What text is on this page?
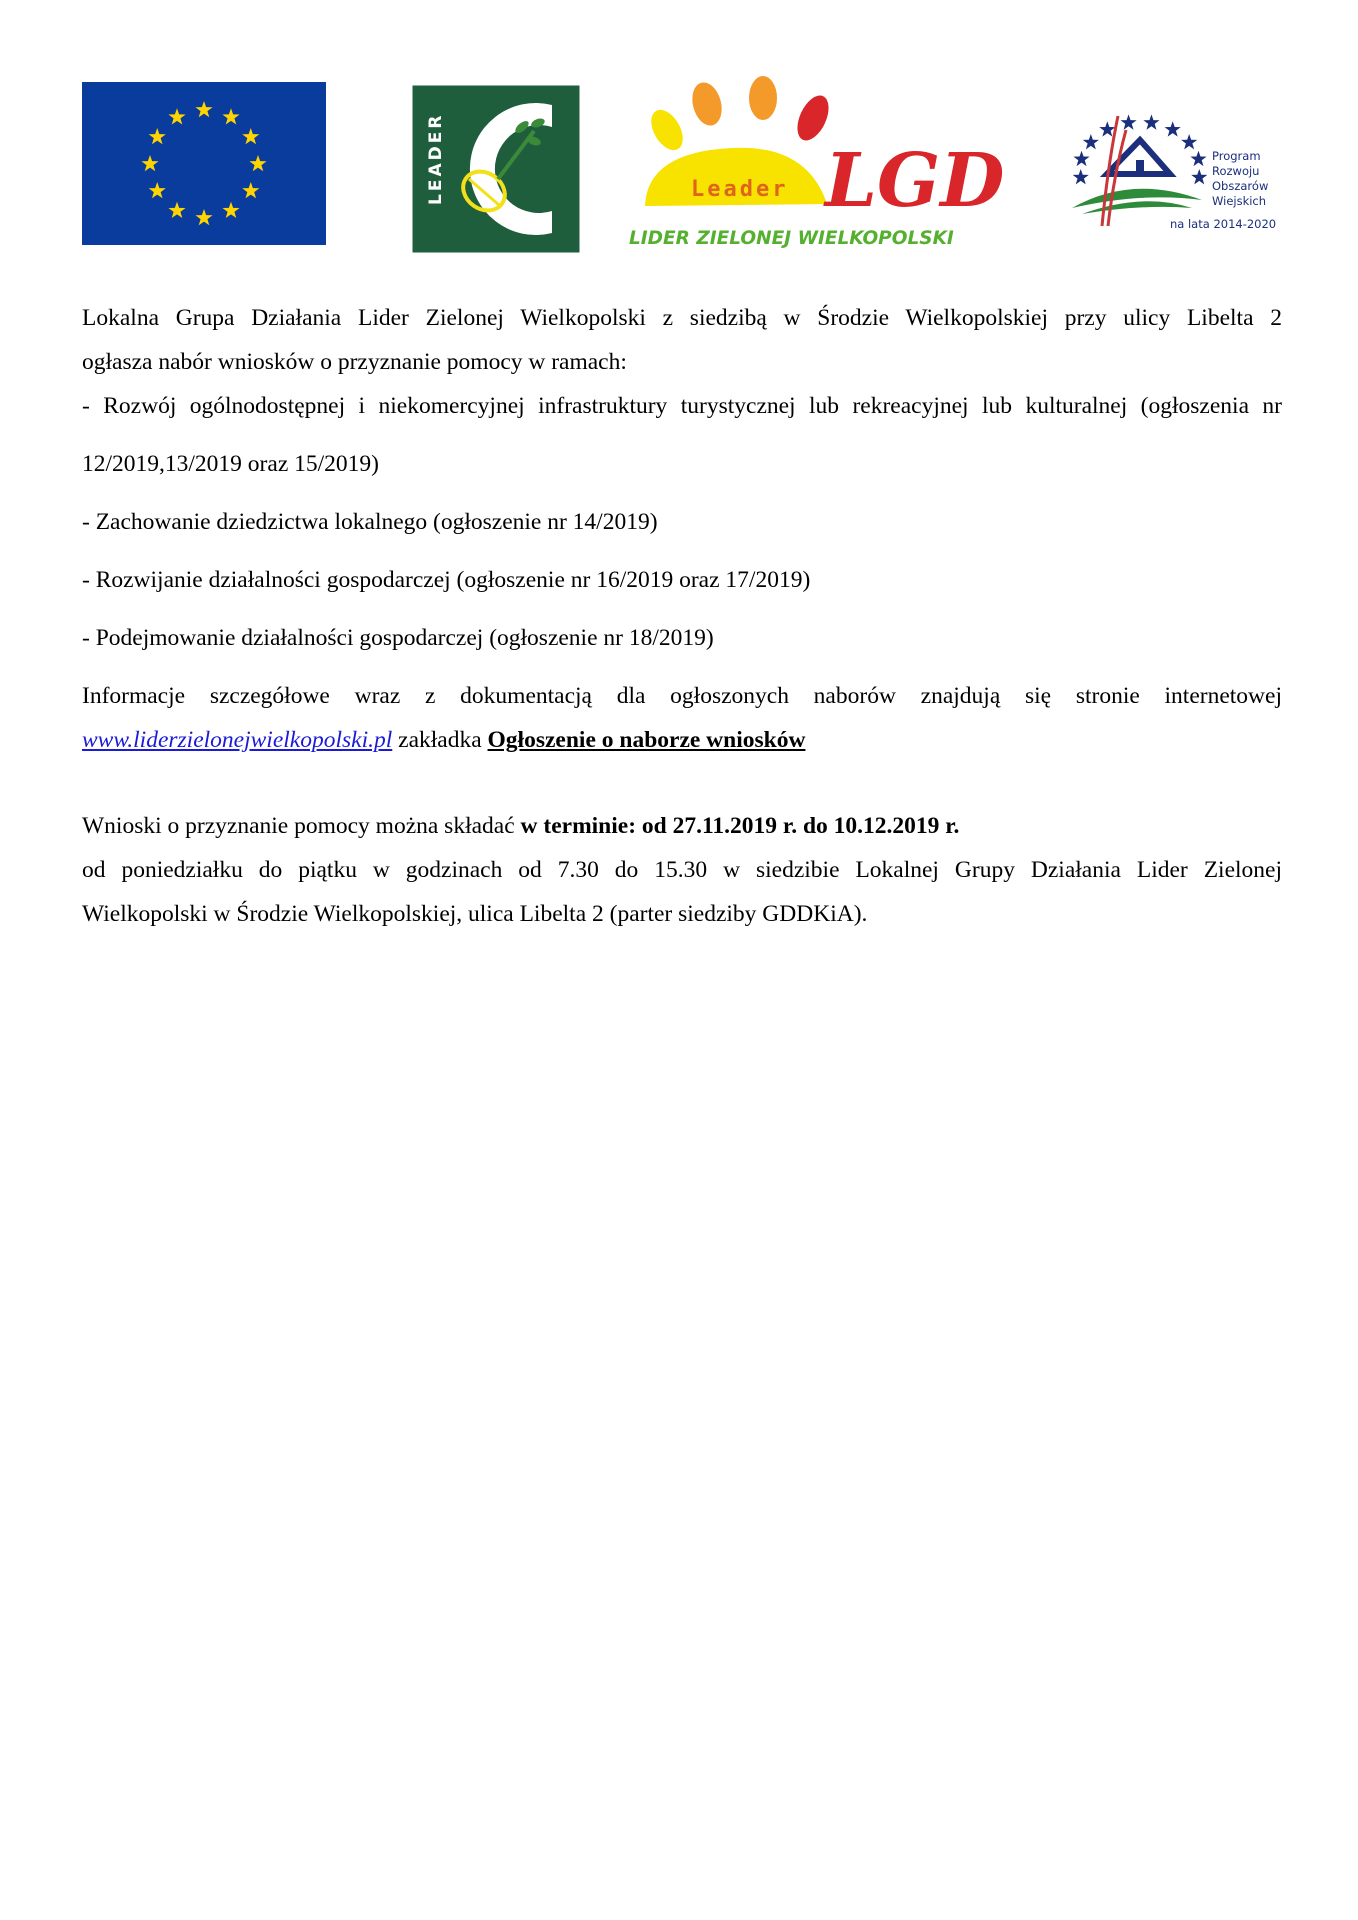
LEADER	Leader LGD
LIDER ZIELONEJ WIELKOPOLSKI
Program
Rozwoju
Obszarów
Wiejskich
na lata 2014-2020

Lokalna Grupa Działania Lider Zielonej Wielkopolski z siedzibą w Środzie Wielkopolskiej przy ulicy Libelta 2

ogłasza nabór wniosków o przyznanie pomocy w ramach:

- Rozwój ogólnodostępnej i niekomercyjnej infrastruktury turystycznej lub rekreacyjnej lub kulturalnej (ogłoszenia nr

12/2019,13/2019 oraz 15/2019)

- Zachowanie dziedzictwa lokalnego (ogłoszenie nr 14/2019)

- Rozwijanie działalności gospodarczej (ogłoszenie nr 16/2019 oraz 17/2019)

- Podejmowanie działalności gospodarczej (ogłoszenie nr 18/2019)

Informacje szczegółowe wraz z dokumentacją dla ogłoszonych naborów znajdują się stronie internetowej

www.liderzielonejwielkopolski.pl zakładka Ogłoszenie o naborze wniosków

Wnioski o przyznanie pomocy można składać w terminie: od 27.11.2019 r. do 10.12.2019 r.

od poniedziałku do piątku w godzinach od 7.30 do 15.30 w siedzibie Lokalnej Grupy Działania Lider Zielonej

Wielkopolski w Środzie Wielkopolskiej, ulica Libelta 2 (parter siedziby GDDKiA).
